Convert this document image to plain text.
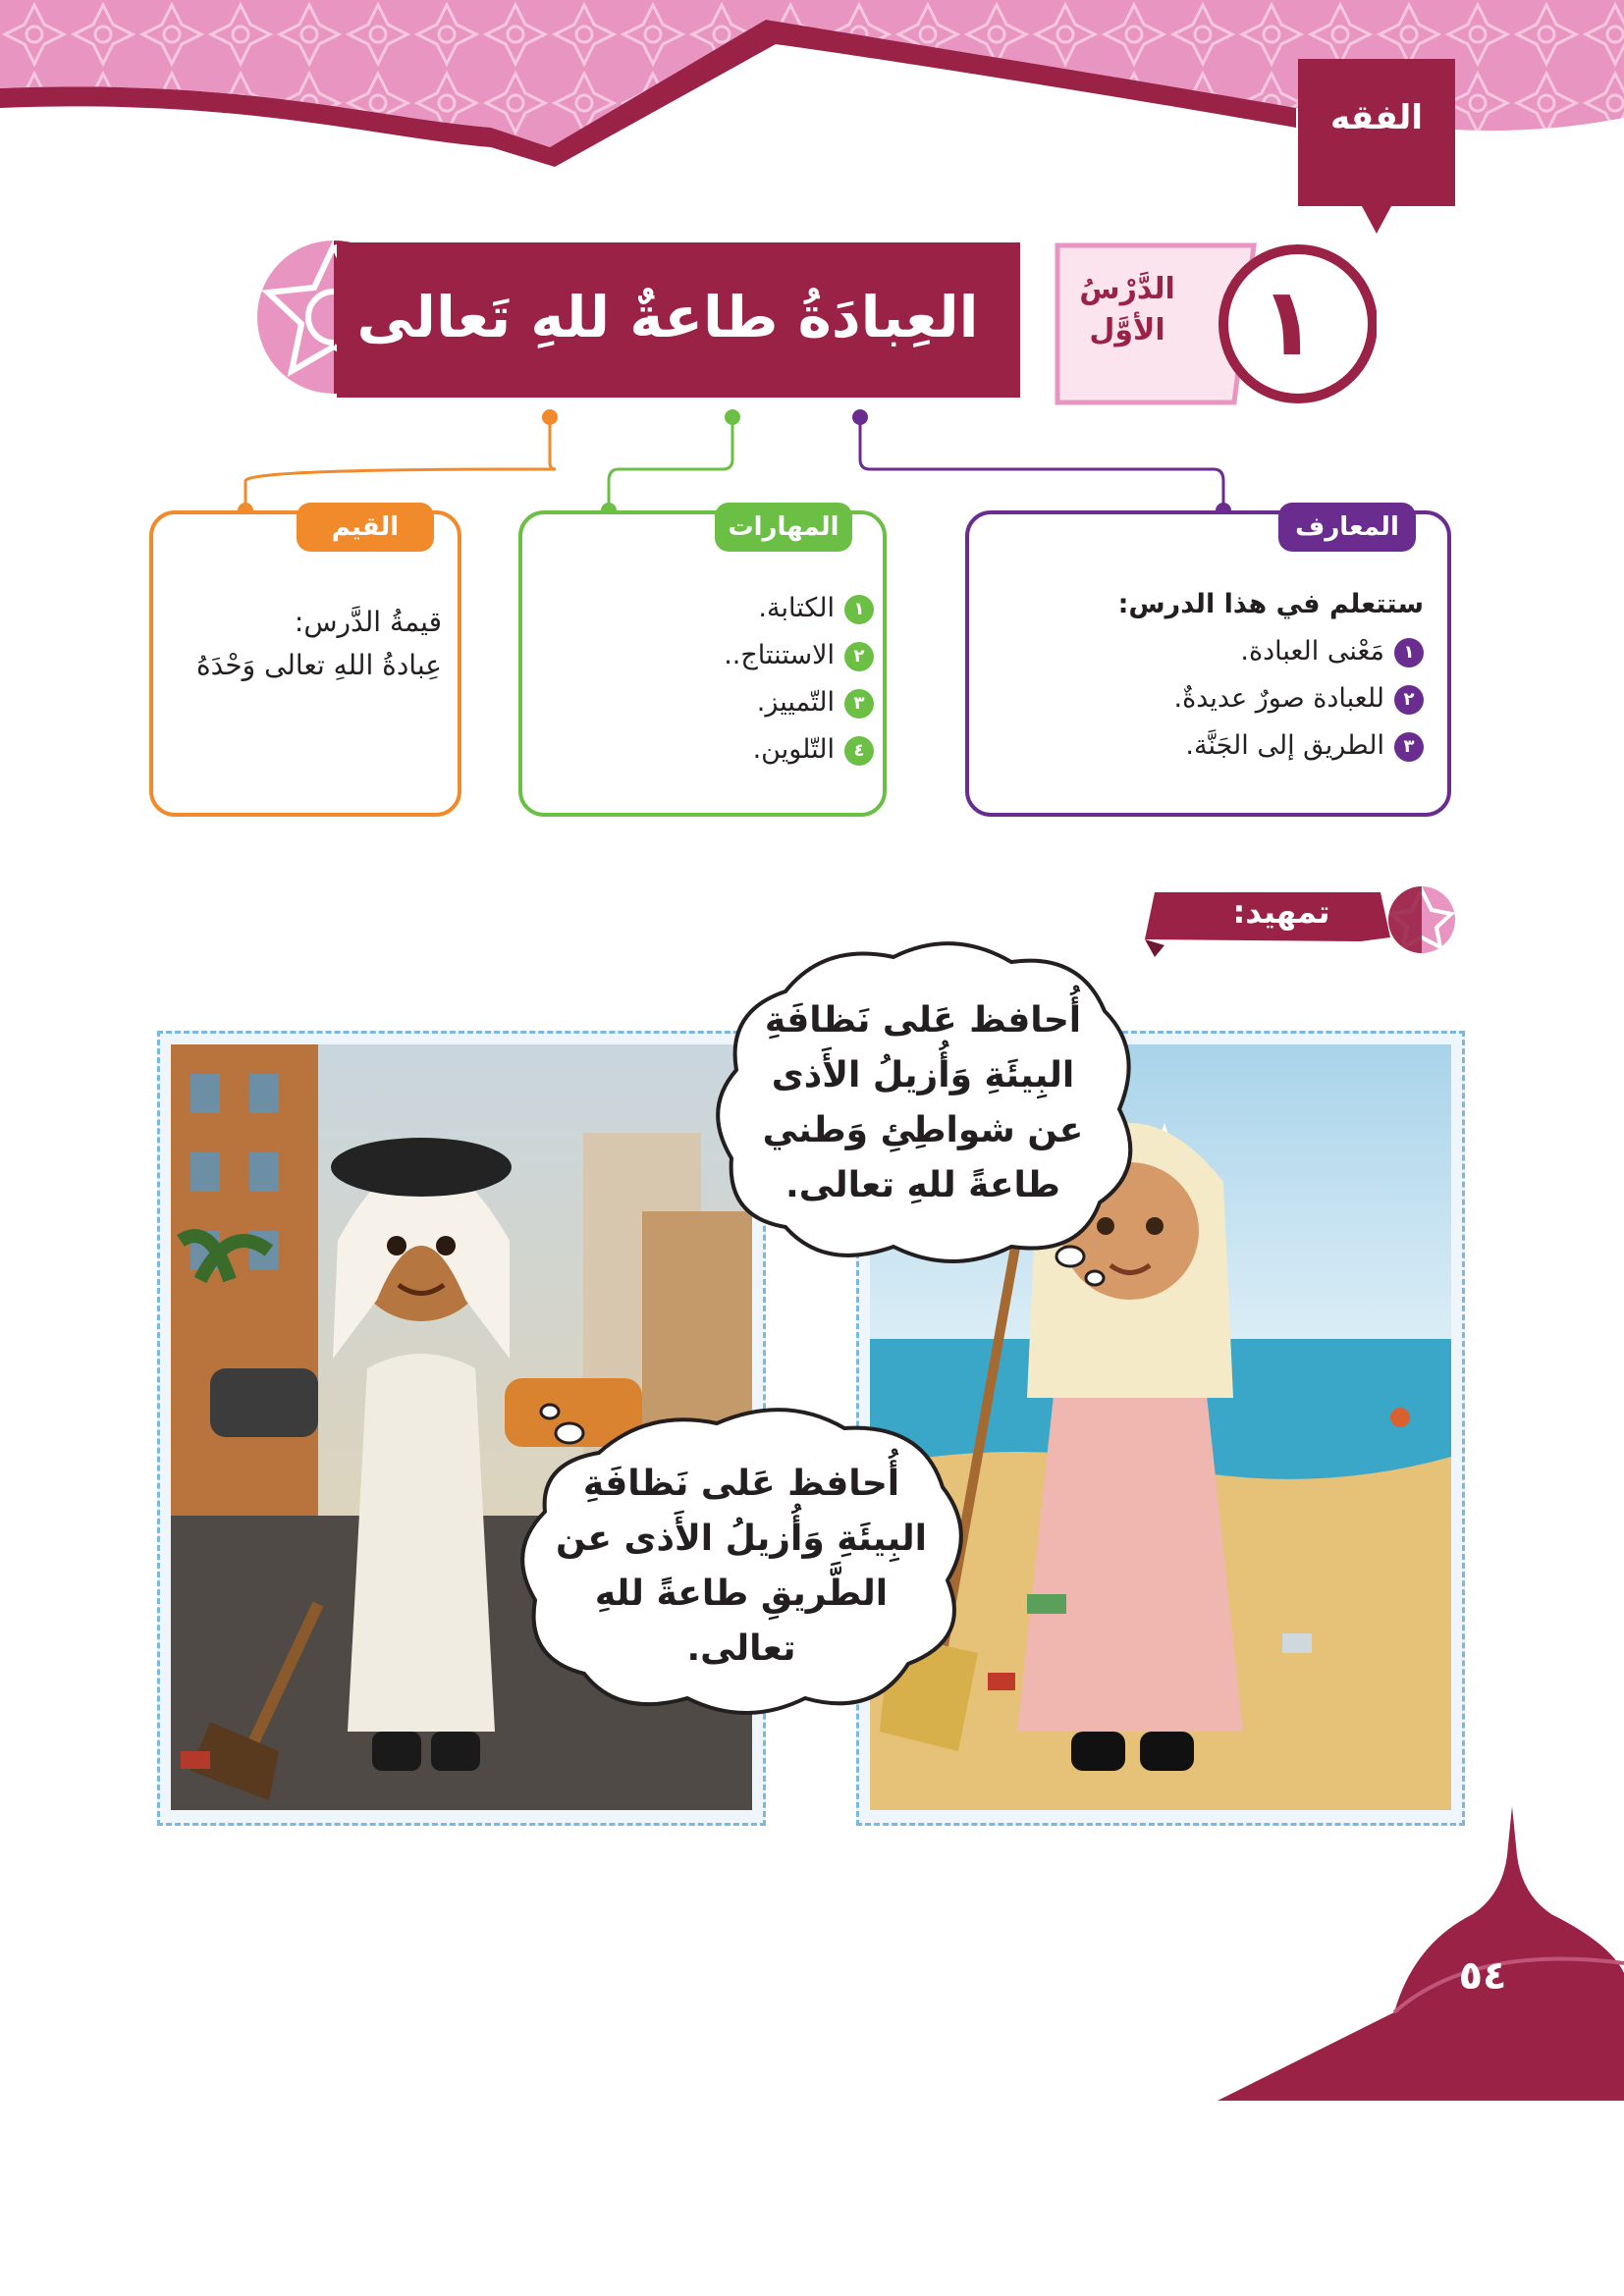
الفقه
العِبادَةُ طاعةٌ للهِ تَعالى	الدَّرْسُ الأوَّل	١
المعارف
ستتعلم في هذا الدرس:
١مَعْنى العبادة.
٢للعبادة صورٌ عديدةٌ.
٣الطريق إلى الجَنَّة.
المهارات
١الكتابة.
٢الاستنتاج..
٣التّمييز.
٤التّلوين.
القيم
قيمةُ الدَّرس:
عِبادةُ اللهِ تعالى وَحْدَهُ
تمهيد:
أُحافظ عَلى نَظافَةِ البِيئَةِ وَأُزيلُ الأَذى عن شواطِئِ وَطني طاعةً للهِ تعالى.
أُحافظ عَلى نَظافَةِ البِيئَةِ وَأُزيلُ الأَذى عن الطَّريقِ طاعةً للهِ تعالى.
٥٤
